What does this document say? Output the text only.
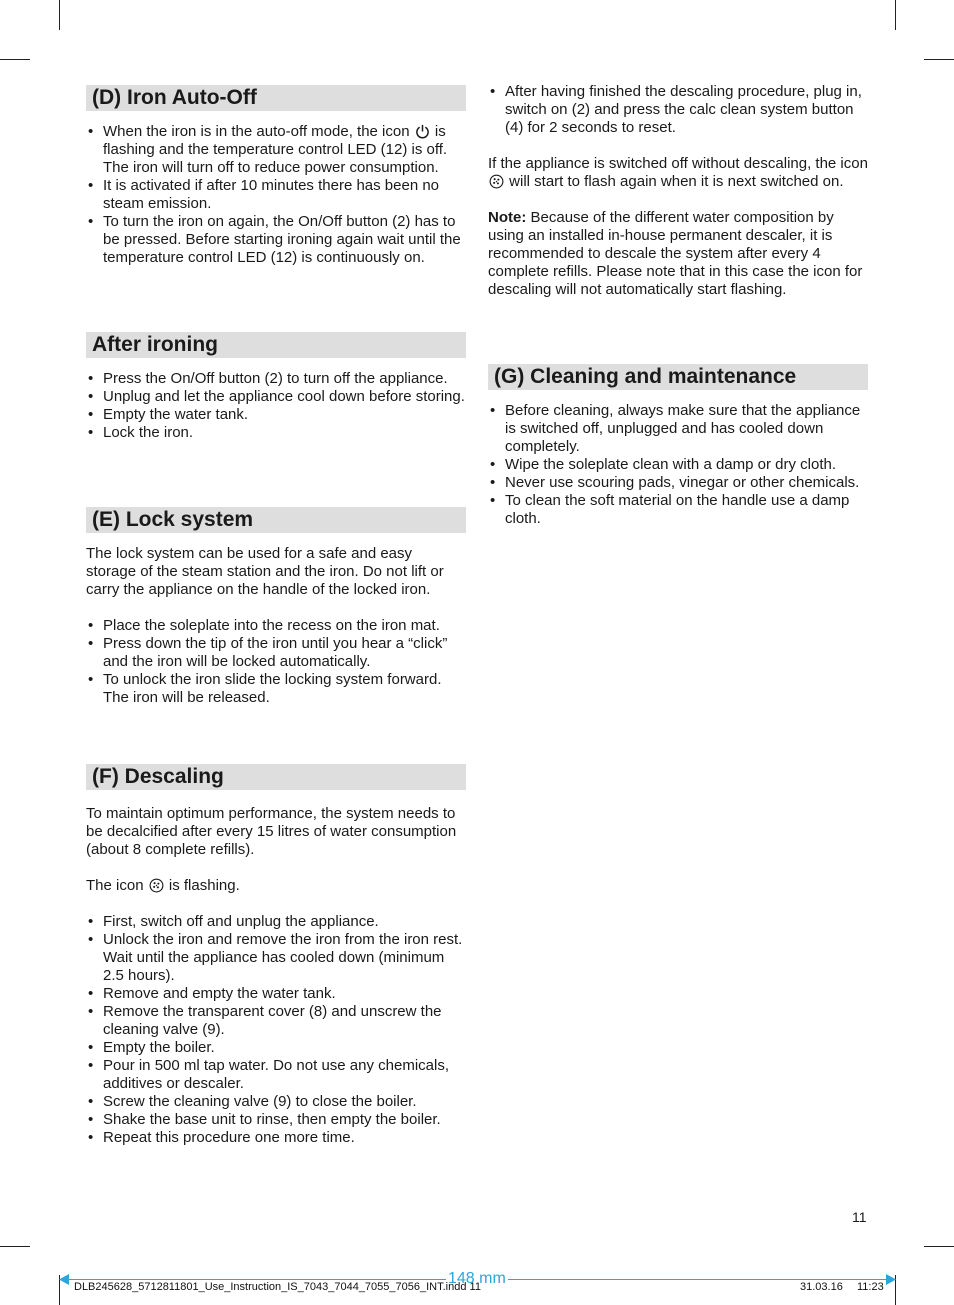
(D) Iron Auto-Off
• When the iron is in the auto-off mode, the icon is flashing and the temperature control LED (12) is off. The iron will turn off to reduce power consumption.
• It is activated if after 10 minutes there has been no steam emission.
• To turn the iron on again, the On/Off button (2) has to be pressed. Before starting ironing again wait until the temperature control LED (12) is continuously on.
After ironing
• Press the On/Off button (2) to turn off the appliance.
• Unplug and let the appliance cool down before storing.
• Empty the water tank.
• Lock the iron.
(E) Lock system

The lock system can be used for a safe and easy storage of the steam station and the iron. Do not lift or carry the appliance on the handle of the locked iron.

• Place the soleplate into the recess on the iron mat.
• Press down the tip of the iron until you hear a “click” and the iron will be locked automatically.
• To unlock the iron slide the locking system forward. The iron will be released.
(F) Descaling

To maintain optimum performance, the system needs to be decalcified after every 15 litres of water consumption (about 8 complete refills).

The icon is flashing.

• First, switch off and unplug the appliance.
• Unlock the iron and remove the iron from the iron rest. Wait until the appliance has cooled down (minimum 2.5 hours).
• Remove and empty the water tank.
• Remove the transparent cover (8) and unscrew the cleaning valve (9).
• Empty the boiler.
• Pour in 500 ml tap water. Do not use any chemicals, additives or descaler.
• Screw the cleaning valve (9) to close the boiler.
• Shake the base unit to rinse, then empty the boiler.
• Repeat this procedure one more time.
• After having finished the descaling procedure, plug in, switch on (2) and press the calc clean system button (4) for 2 seconds to reset.

If the appliance is switched off without descaling, the icon  will start to flash again when it is next switched on.

Note: Because of the different water composition by using an installed in-house permanent descaler, it is recommended to descale the system after every 4 complete refills. Please note that in this case the icon for descaling will not automatically start flashing.

(G) Cleaning and maintenance
• Before cleaning, always make sure that the appliance is switched off, unplugged and has cooled down completely.
• Wipe the soleplate clean with a damp or dry cloth.
• Never use scouring pads, vinegar or other chemicals.
• To clean the soft material on the handle use a damp cloth.
11
148 mm
DLB245628_5712811801_Use_Instruction_IS_7043_7044_7055_7056_INT.indd 11	31.03.16 11:23
